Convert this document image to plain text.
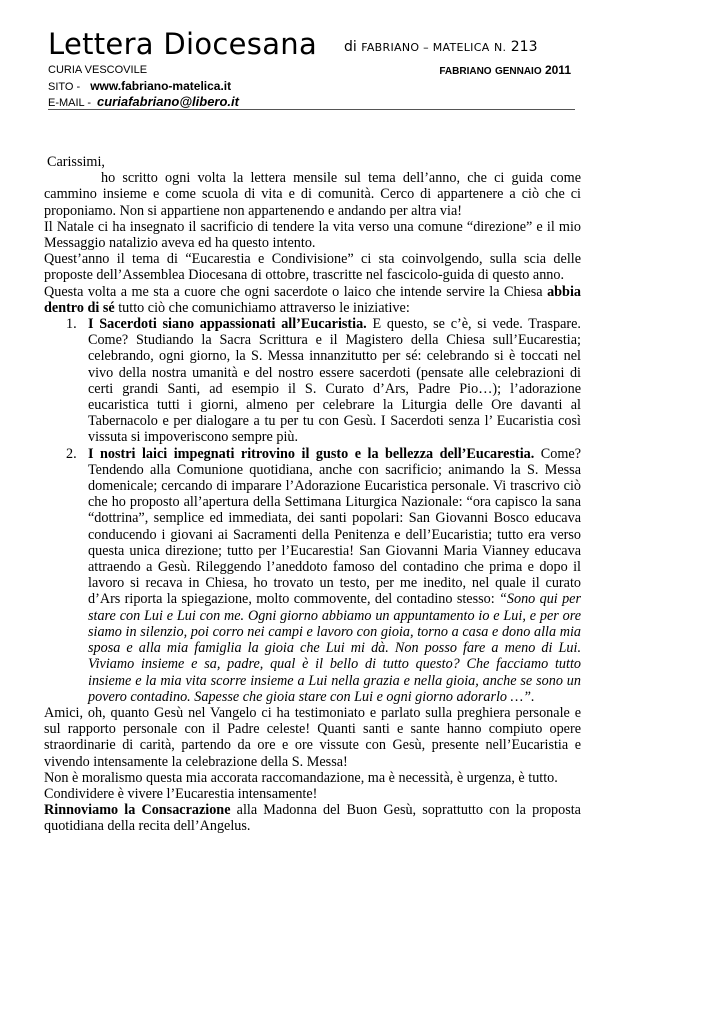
Lettera Diocesana di FABRIANO – MATELICA N. 213
CURIA VESCOVILE	FABRIANO GENNAIO 2011
SITO - www.fabriano-matelica.it
E-MAIL - curiafabriano@libero.it

Carissimi,

ho scritto ogni volta la lettera mensile sul tema dell’anno, che ci guida come cammino insieme e come scuola di vita e di comunità. Cerco di appartenere a ciò che ci proponiamo. Non si appartiene non appartenendo e andando per altra via!

Il Natale ci ha insegnato il sacrificio di tendere la vita verso una comune “direzione” e il mio Messaggio natalizio aveva ed ha questo intento.

Quest’anno il tema di “Eucarestia e Condivisione” ci sta coinvolgendo, sulla scia delle proposte dell’Assemblea Diocesana di ottobre, trascritte nel fascicolo-guida di questo anno.

Questa volta a me sta a cuore che ogni sacerdote o laico che intende servire la Chiesa abbia dentro di sé tutto ciò che comunichiamo attraverso le iniziative:

1. I Sacerdoti siano appassionati all’Eucaristia. E questo, se c’è, si vede. Traspare. Come? Studiando la Sacra Scrittura e il Magistero della Chiesa sull’Eucarestia; celebrando, ogni giorno, la S. Messa innanzitutto per sé: celebrando si è toccati nel vivo della nostra umanità e del nostro essere sacerdoti (pensate alle celebrazioni di certi grandi Santi, ad esempio il S. Curato d’Ars, Padre Pio…); l’adorazione eucaristica tutti i giorni, almeno per celebrare la Liturgia delle Ore davanti al Tabernacolo e per dialogare a tu per tu con Gesù. I Sacerdoti senza l’ Eucaristia così vissuta si impoveriscono sempre più.
2. I nostri laici impegnati ritrovino il gusto e la bellezza dell’Eucarestia. Come? Tendendo alla Comunione quotidiana, anche con sacrificio; animando la S. Messa domenicale; cercando di imparare l’Adorazione Eucaristica personale. Vi trascrivo ciò che ho proposto all’apertura della Settimana Liturgica Nazionale: “ora capisco la sana “dottrina”, semplice ed immediata, dei santi popolari: San Giovanni Bosco educava conducendo i giovani ai Sacramenti della Penitenza e dell’Eucaristia; tutto era verso questa unica direzione; tutto per l’Eucarestia! San Giovanni Maria Vianney educava attraendo a Gesù. Rileggendo l’aneddoto famoso del contadino che prima e dopo il lavoro si recava in Chiesa, ho trovato un testo, per me inedito, nel quale il curato d’Ars riporta la spiegazione, molto commovente, del contadino stesso: “Sono qui per stare con Lui e Lui con me. Ogni giorno abbiamo un appuntamento io e Lui, e per ore siamo in silenzio, poi corro nei campi e lavoro con gioia, torno a casa e dono alla mia sposa e alla mia famiglia la gioia che Lui mi dà. Non posso fare a meno di Lui. Viviamo insieme e sa, padre, qual è il bello di tutto questo? Che facciamo tutto insieme e la mia vita scorre insieme a Lui nella grazia e nella gioia, anche se sono un povero contadino. Sapesse che gioia stare con Lui e ogni giorno adorarlo …”.

Amici, oh, quanto Gesù nel Vangelo ci ha testimoniato e parlato sulla preghiera personale e sul rapporto personale con il Padre celeste! Quanti santi e sante hanno compiuto opere straordinarie di carità, partendo da ore e ore vissute con Gesù, presente nell’Eucaristia e vivendo intensamente la celebrazione della S. Messa!

Non è moralismo questa mia accorata raccomandazione, ma è necessità, è urgenza, è tutto.

Condividere è vivere l’Eucarestia intensamente!

Rinnoviamo la Consacrazione alla Madonna del Buon Gesù, soprattutto con la proposta quotidiana della recita dell’Angelus.
